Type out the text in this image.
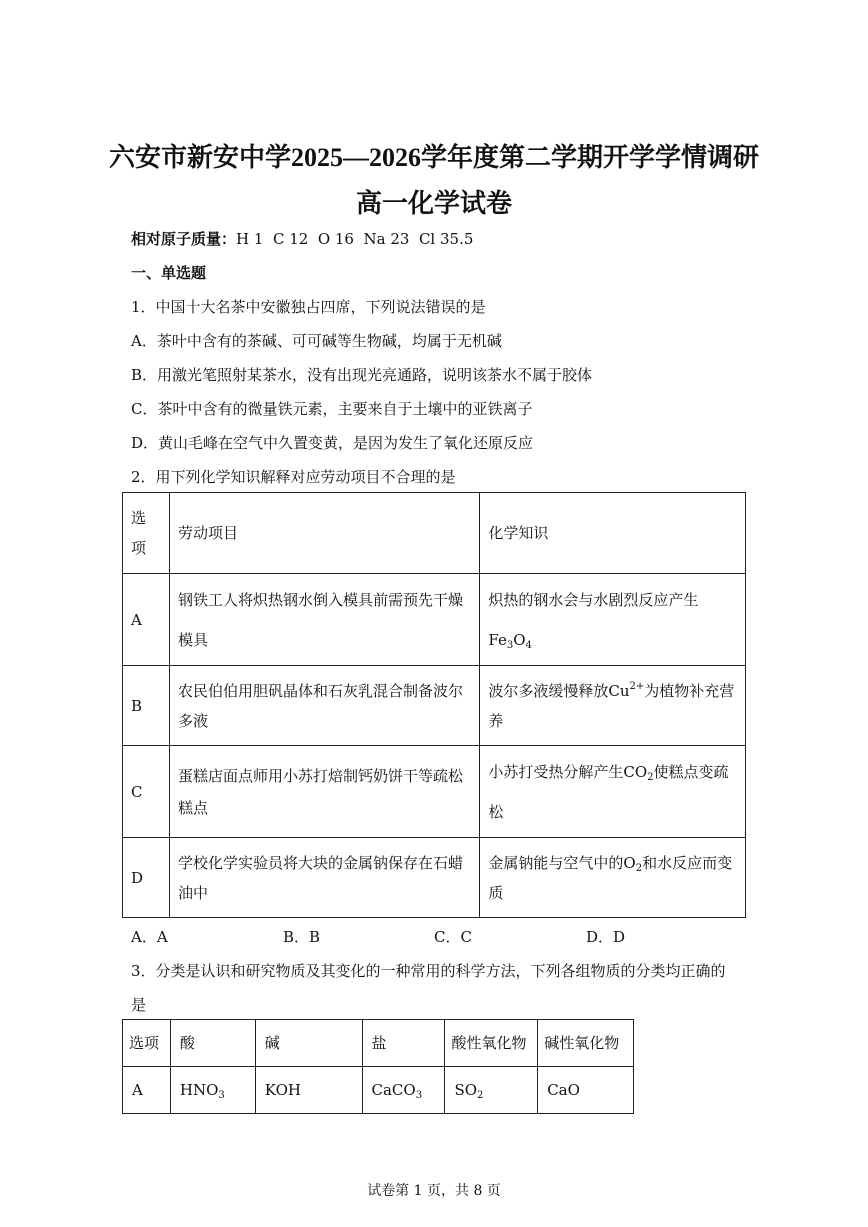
六安市新安中学2025—2026学年度第二学期开学学情调研
高一化学试卷
相对原子质量：H 1  C 12  O 16  Na 23  Cl 35.5
一、单选题
1．中国十大名茶中安徽独占四席，下列说法错误的是
A．茶叶中含有的茶碱、可可碱等生物碱，均属于无机碱
B．用激光笔照射某茶水，没有出现光亮通路，说明该茶水不属于胶体
C．茶叶中含有的微量铁元素，主要来自于土壤中的亚铁离子
D．黄山毛峰在空气中久置变黄，是因为发生了氧化还原反应
2．用下列化学知识解释对应劳动项目不合理的是
选项	劳动项目	化学知识
A	钢铁工人将炽热钢水倒入模具前需预先干燥模具	炽热的钢水会与水剧烈反应产生
$Fe_3O_4$
B	农民伯伯用胆矾晶体和石灰乳混合制备波尔多液	波尔多液缓慢释放$Cu^{2+}$为植物补充营养
C	蛋糕店面点师用小苏打焙制钙奶饼干等疏松糕点	小苏打受热分解产生$CO_2$使糕点变疏松
D	学校化学实验员将大块的金属钠保存在石蜡油中	金属钠能与空气中的$O_2$和水反应而变质
A．A	B．B	C．C	D．D
3．分类是认识和研究物质及其变化的一种常用的科学方法，下列各组物质的分类均正确的
是
选项	酸	碱	盐	酸性氧化物	碱性氧化物
A	$HNO_3$	KOH	CaCO$_3$	$SO_2$	CaO
试卷第 1 页，共 8 页
